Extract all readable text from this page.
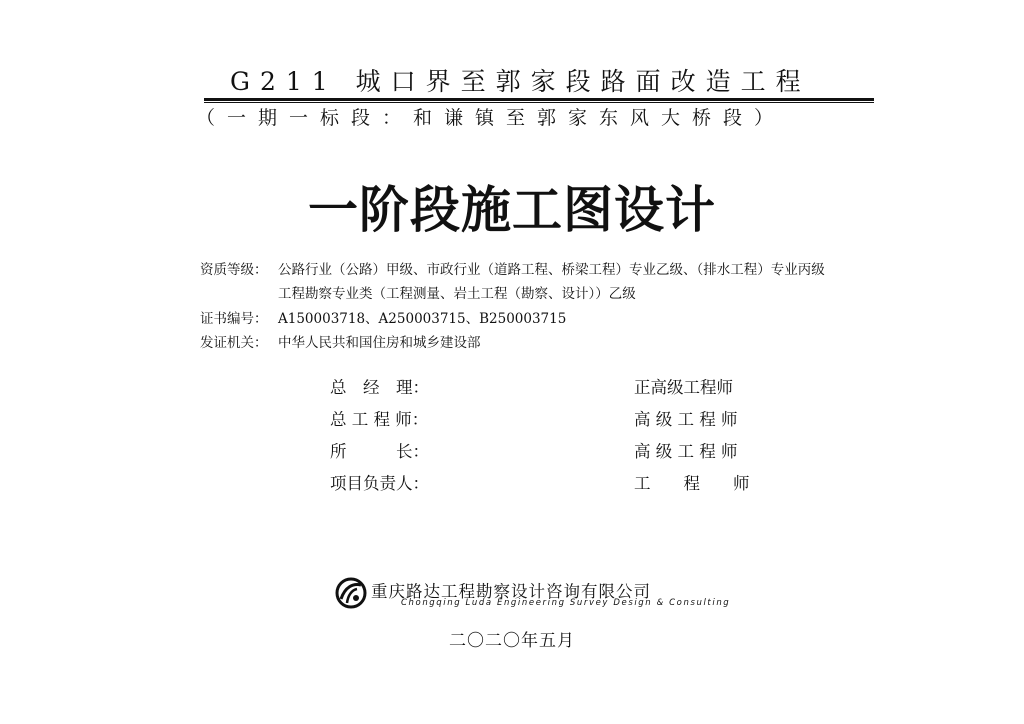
G211 城口界至郭家段路面改造工程
（一期一标段：和谦镇至郭家东风大桥段）
一阶段施工图设计
资质等级： 公路行业（公路）甲级、市政行业（道路工程、桥梁工程）专业乙级、（排水工程）专业丙级
工程勘察专业类（工程测量、岩土工程（勘察、设计））乙级
证书编号： A150003718、A250003715、B250003715
发证机关： 中华人民共和国住房和城乡建设部
总　经　理：	正高级工程师
总 工 程 师：	高 级 工 程 师
所　　　长：	高 级 工 程 师
项目负责人：	工　　程　　师
重庆路达工程勘察设计咨询有限公司
Chongqing Luda Engineering Survey Design & Consulting
二〇二〇年五月
